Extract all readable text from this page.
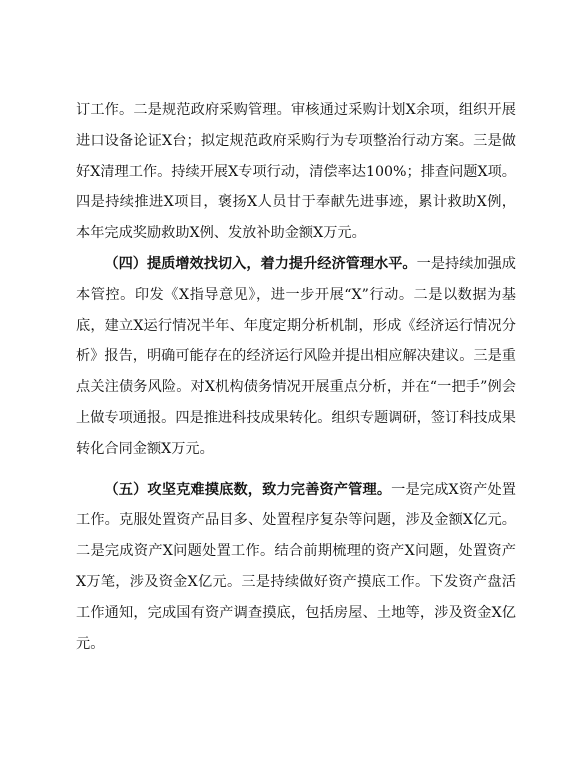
订工作。二是规范政府采购管理。审核通过采购计划X余项，组织开展进口设备论证X台；拟定规范政府采购行为专项整治行动方案。三是做好X清理工作。持续开展X专项行动，清偿率达100%；排查问题X项。四是持续推进X项目，褒扬X人员甘于奉献先进事迹，累计救助X例，本年完成奖励救助X例、发放补助金额X万元。

（四）提质增效找切入，着力提升经济管理水平。一是持续加强成本管控。印发《X指导意见》，进一步开展“X”行动。二是以数据为基底，建立X运行情况半年、年度定期分析机制，形成《经济运行情况分析》报告，明确可能存在的经济运行风险并提出相应解决建议。三是重点关注债务风险。对X机构债务情况开展重点分析，并在“一把手”例会上做专项通报。四是推进科技成果转化。组织专题调研，签订科技成果转化合同金额X万元。

（五）攻坚克难摸底数，致力完善资产管理。一是完成X资产处置工作。克服处置资产品目多、处置程序复杂等问题，涉及金额X亿元。二是完成资产X问题处置工作。结合前期梳理的资产X问题，处置资产X万笔，涉及资金X亿元。三是持续做好资产摸底工作。下发资产盘活工作通知，完成国有资产调查摸底，包括房屋、土地等，涉及资金X亿元。
